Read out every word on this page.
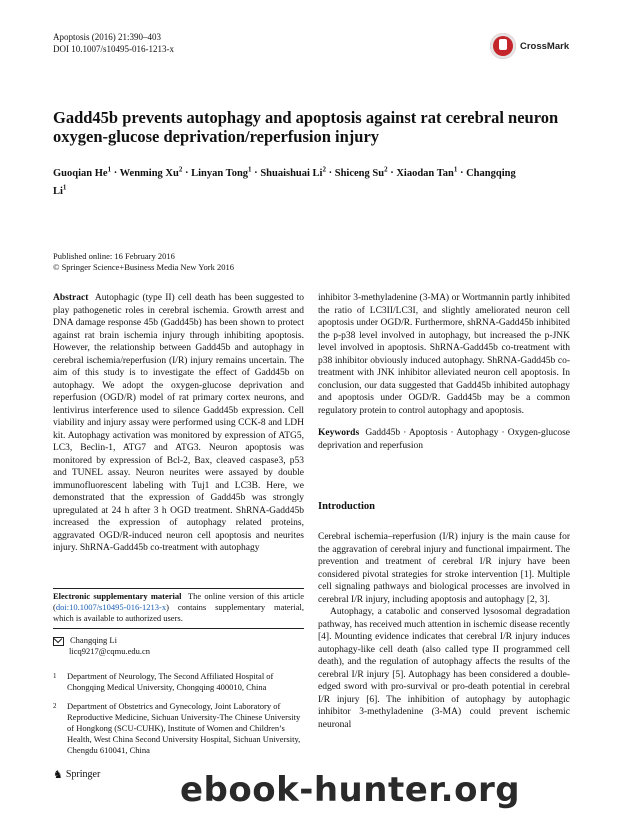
Apoptosis (2016) 21:390–403
DOI 10.1007/s10495-016-1213-x	CrossMark
Gadd45b prevents autophagy and apoptosis against rat cerebral neuron oxygen-glucose deprivation/reperfusion injury
Guoqian $He^1 \cdot Wenming$ $Xu^2$ · Linyan Tong$^1$ · Shuaishuai $Li^2$ · Shiceng $Su^2$ · Xiaodan Tan$^1$ · Changqing Li$^1$
Published online: 16 February 2016
© Springer Science+Business Media New York 2016
Abstract Autophagic (type II) cell death has been suggested to play pathogenetic roles in cerebral ischemia. Growth arrest and DNA damage response 45b (Gadd45b) has been shown to protect against rat brain ischemia injury through inhibiting apoptosis. However, the relationship between Gadd45b and autophagy in cerebral ischemia/reperfusion (I/R) injury remains uncertain. The aim of this study is to investigate the effect of Gadd45b on autophagy. We adopt the oxygen-glucose deprivation and reperfusion (OGD/R) model of rat primary cortex neurons, and lentivirus interference used to silence Gadd45b expression. Cell viability and injury assay were performed using CCK-8 and LDH kit. Autophagy activation was monitored by expression of ATG5, LC3, Beclin-1, ATG7 and ATG3. Neuron apoptosis was monitored by expression of Bcl-2, Bax, cleaved caspase3, p53 and TUNEL assay. Neuron neurites were assayed by double immunofluorescent labeling with Tuj1 and LC3B. Here, we demonstrated that the expression of Gadd45b was strongly upregulated at 24 h after 3 h OGD treatment. ShRNA-Gadd45b increased the expression of autophagy related proteins, aggravated OGD/R-induced neuron cell apoptosis and neurites injury. ShRNA-Gadd45b co-treatment with autophagy
inhibitor 3-methyladenine (3-MA) or Wortmannin partly inhibited the ratio of LC3II/LC3I, and slightly ameliorated neuron cell apoptosis under OGD/R. Furthermore, shRNA-Gadd45b inhibited the p-p38 level involved in autophagy, but increased the p-JNK level involved in apoptosis. ShRNA-Gadd45b co-treatment with p38 inhibitor obviously induced autophagy. ShRNA-Gadd45b co-treatment with JNK inhibitor alleviated neuron cell apoptosis. In conclusion, our data suggested that Gadd45b inhibited autophagy and apoptosis under OGD/R. Gadd45b may be a common regulatory protein to control autophagy and apoptosis.
Keywords Gadd45b · Apoptosis · Autophagy · Oxygen-glucose deprivation and reperfusion
Electronic supplementary material The online version of this article (doi:10.1007/s10495-016-1213-x) contains supplementary material, which is available to authorized users.
Changqing Li
licq9217@cqmu.edu.cn
1	Department of Neurology, The Second Affiliated Hospital of Chongqing Medical University, Chongqing 400010, China
2	Department of Obstetrics and Gynecology, Joint Laboratory of Reproductive Medicine, Sichuan University-The Chinese University of Hongkong (SCU-CUHK), Institute of Women and Children’s Health, West China Second University Hospital, Sichuan University, Chengdu 610041, China
Introduction

Cerebral ischemia–reperfusion (I/R) injury is the main cause for the aggravation of cerebral injury and functional impairment. The prevention and treatment of cerebral I/R injury have been considered pivotal strategies for stroke intervention [1]. Multiple cell signaling pathways and biological processes are involved in cerebral I/R injury, including apoptosis and autophagy [2, 3].

Autophagy, a catabolic and conserved lysosomal degradation pathway, has received much attention in ischemic disease recently [4]. Mounting evidence indicates that cerebral I/R injury induces autophagy-like cell death (also called type II programmed cell death), and the regulation of autophagy affects the results of the cerebral I/R injury [5]. Autophagy has been considered a double-edged sword with pro-survival or pro-death potential in cerebral I/R injury [6]. The inhibition of autophagy by autophagic inhibitor 3-methyladenine (3-MA) could prevent ischemic neuronal

♞ Springer ebook-hunter.org
